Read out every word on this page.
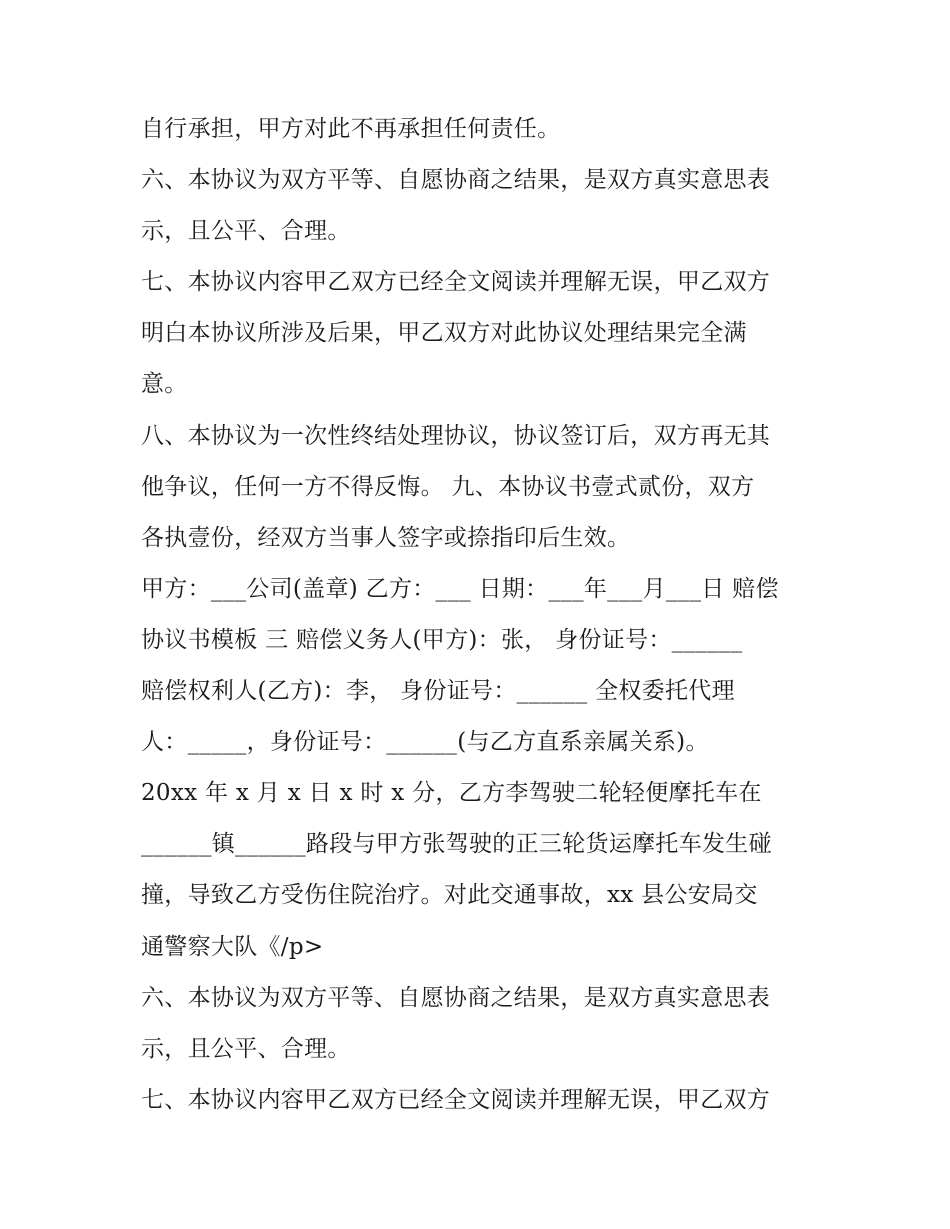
自行承担，甲方对此不再承担任何责任。
六、本协议为双方平等、自愿协商之结果，是双方真实意思表
示，且公平、合理。
七、本协议内容甲乙双方已经全文阅读并理解无误，甲乙双方
明白本协议所涉及后果，甲乙双方对此协议处理结果完全满
意。
八、本协议为一次性终结处理协议，协议签订后，双方再无其
他争议，任何一方不得反悔。 九、本协议书壹式贰份，双方
各执壹份，经双方当事人签字或捺指印后生效。
甲方：___公司(盖章) 乙方：___ 日期：___年___月___日 赔偿
协议书模板 三 赔偿义务人(甲方)：张， 身份证号：______
赔偿权利人(乙方)：李， 身份证号：______ 全权委托代理
人：_____，身份证号：______(与乙方直系亲属关系)。
20xx 年 x 月 x 日 x 时 x 分，乙方李驾驶二轮轻便摩托车在
______镇______路段与甲方张驾驶的正三轮货运摩托车发生碰
撞，导致乙方受伤住院治疗。对此交通事故，xx 县公安局交
通警察大队《/p>
六、本协议为双方平等、自愿协商之结果，是双方真实意思表
示，且公平、合理。
七、本协议内容甲乙双方已经全文阅读并理解无误，甲乙双方
